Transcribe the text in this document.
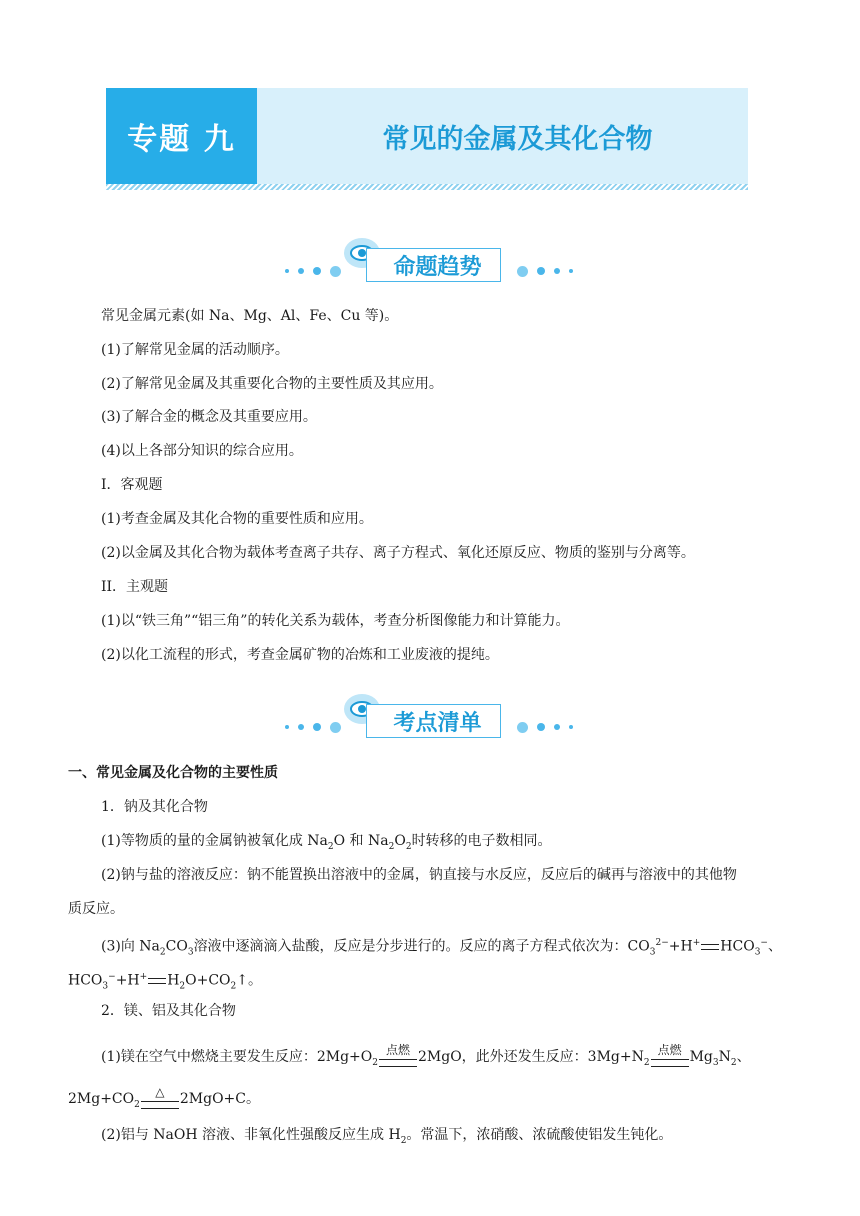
专题 九	常见的金属及其化合物
命题趋势
常见金属元素(如 Na、Mg、Al、Fe、Cu 等)。
(1)了解常见金属的活动顺序。
(2)了解常见金属及其重要化合物的主要性质及其应用。
(3)了解合金的概念及其重要应用。
(4)以上各部分知识的综合应用。
I．客观题
(1)考查金属及其化合物的重要性质和应用。
(2)以金属及其化合物为载体考查离子共存、离子方程式、氧化还原反应、物质的鉴别与分离等。
II．主观题
(1)以“铁三角”“铝三角”的转化关系为载体，考查分析图像能力和计算能力。
(2)以化工流程的形式，考查金属矿物的冶炼和工业废液的提纯。
考点清单
一、常见金属及化合物的主要性质
1．钠及其化合物
(1)等物质的量的金属钠被氧化成 $Na_2O$ 和 $Na_2O_2$时转移的电子数相同。
(2)钠与盐的溶液反应：钠不能置换出溶液中的金属，钠直接与水反应，反应后的碱再与溶液中的其他物
质反应。
(3)向 $Na_2CO_3$溶液中逐滴滴入盐酸，反应是分步进行的。反应的离子方程式依次为：$CO_3^{2-}+H^+$ $HCO_3^-$、
$HCO_3^-+H^+$ $H_2O+CO_2↑$。
2．镁、铝及其化合物
(1)镁在空气中燃烧主要发生反应：$2Mg+O_2$
点燃 2MgO，此外还发生反应：$3Mg+N_2$
点燃 $Mg_3N_2$、
$2Mg+CO_2$
△	2MgO+C。
(2)铝与 NaOH 溶液、非氧化性强酸反应生成 $H_2$。常温下，浓硝酸、浓硫酸使铝发生钝化。
